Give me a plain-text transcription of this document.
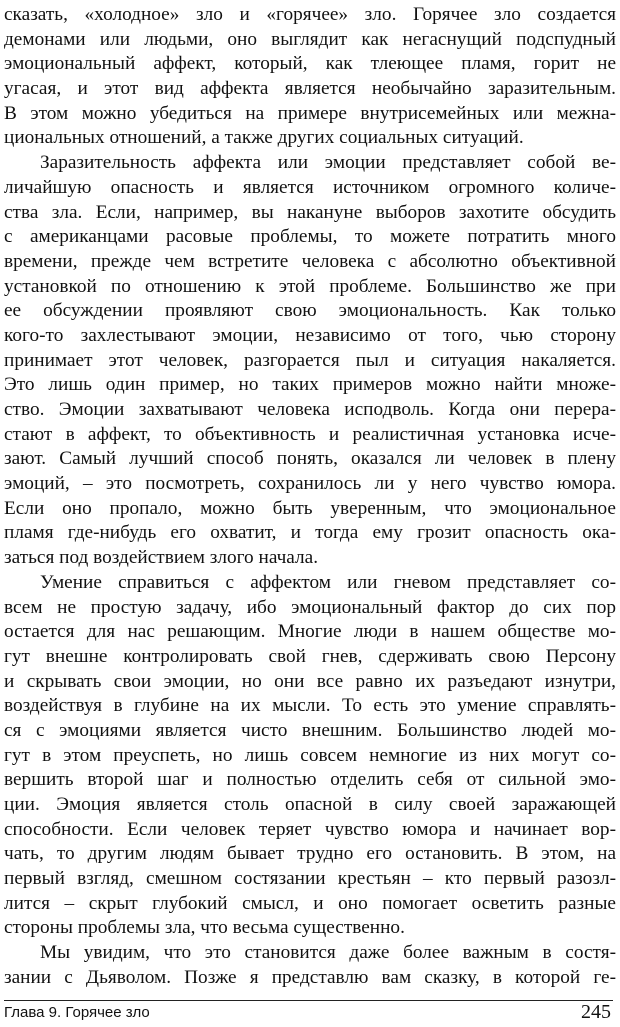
сказать, «холодное» зло и «горячее» зло. Горячее зло создается
демонами или людьми, оно выглядит как негаснущий подспудный
эмоциональный аффект, который, как тлеющее пламя, горит не
угасая, и этот вид аффекта является необычайно заразительным.
В этом можно убедиться на примере внутрисемейных или межна-
циональных отношений, а также других социальных ситуаций.
Заразительность аффекта или эмоции представляет собой ве-
личайшую опасность и является источником огромного количе-
ства зла. Если, например, вы накануне выборов захотите обсудить
с американцами расовые проблемы, то можете потратить много
времени, прежде чем встретите человека с абсолютно объективной
установкой по отношению к этой проблеме. Большинство же при
ее обсуждении проявляют свою эмоциональность. Как только
кого-то захлестывают эмоции, независимо от того, чью сторону
принимает этот человек, разгорается пыл и ситуация накаляется.
Это лишь один пример, но таких примеров можно найти множе-
ство. Эмоции захватывают человека исподволь. Когда они перера-
стают в аффект, то объективность и реалистичная установка исче-
зают. Самый лучший способ понять, оказался ли человек в плену
эмоций, – это посмотреть, сохранилось ли у него чувство юмора.
Если оно пропало, можно быть уверенным, что эмоциональное
пламя где-нибудь его охватит, и тогда ему грозит опасность ока-
заться под воздействием злого начала.
Умение справиться с аффектом или гневом представляет со-
всем не простую задачу, ибо эмоциональный фактор до сих пор
остается для нас решающим. Многие люди в нашем обществе мо-
гут внешне контролировать свой гнев, сдерживать свою Персону
и скрывать свои эмоции, но они все равно их разъедают изнутри,
воздействуя в глубине на их мысли. То есть это умение справлять-
ся с эмоциями является чисто внешним. Большинство людей мо-
гут в этом преуспеть, но лишь совсем немногие из них могут со-
вершить второй шаг и полностью отделить себя от сильной эмо-
ции. Эмоция является столь опасной в силу своей заражающей
способности. Если человек теряет чувство юмора и начинает вор-
чать, то другим людям бывает трудно его остановить. В этом, на
первый взгляд, смешном состязании крестьян – кто первый разозл-
лится – скрыт глубокий смысл, и оно помогает осветить разные
стороны проблемы зла, что весьма существенно.
Мы увидим, что это становится даже более важным в состя-
зании с Дьяволом. Позже я представлю вам сказку, в которой ге-
Глава 9. Горячее зло	245
